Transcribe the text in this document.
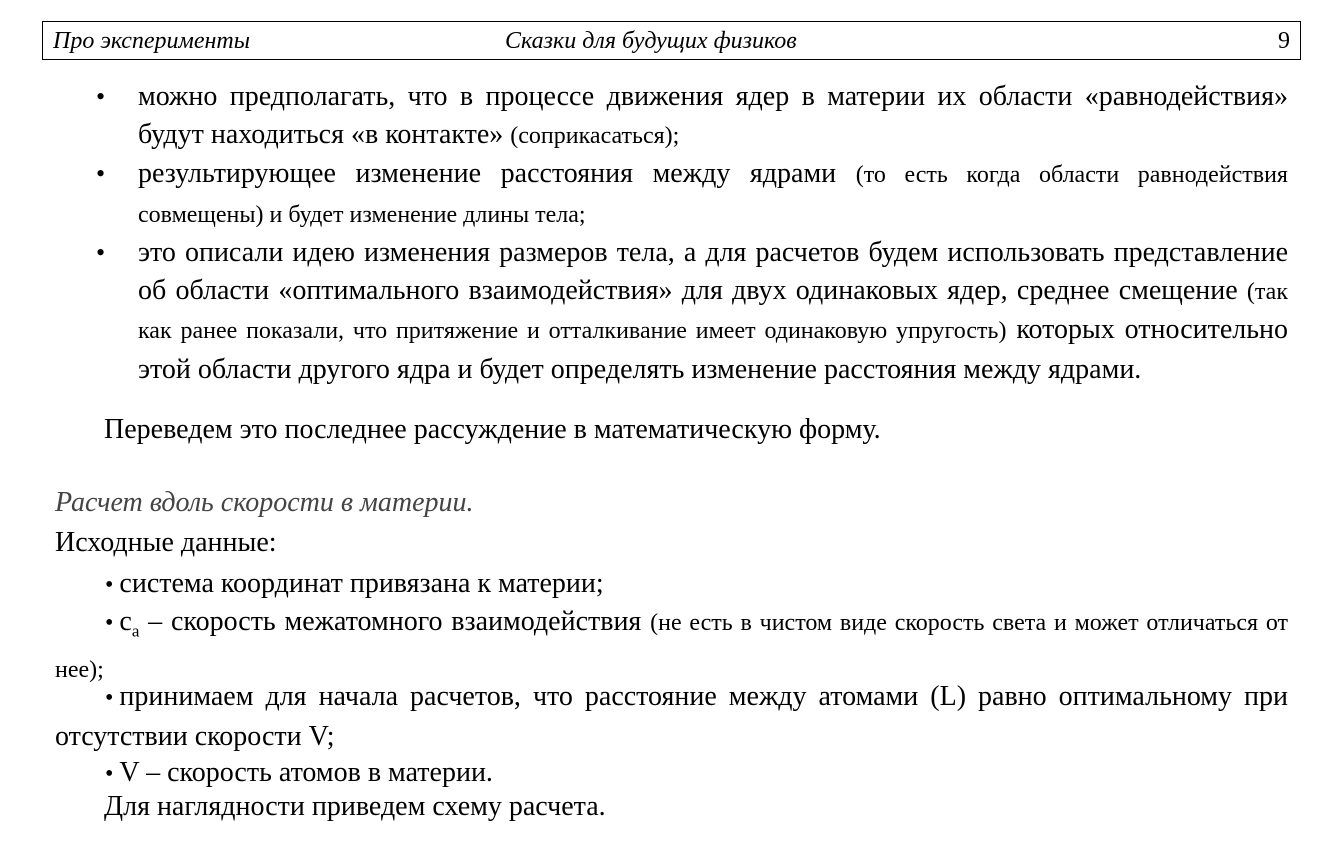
Про эксперименты	Сказки для будущих физиков	9
• можно предполагать, что в процессе движения ядер в материи их области «равнодействия» будут находиться «в контакте» (соприкасаться);
• результирующее изменение расстояния между ядрами (то есть когда области равнодействия совмещены) и будет изменение длины тела;
• это описали идею изменения размеров тела, а для расчетов будем использовать представление об области «оптимального взаимодействия» для двух одинаковых ядер, среднее смещение (так как ранее показали, что притяжение и отталкивание имеет одинаковую упругость) которых относительно этой области другого ядра и будет определять изменение расстояния между ядрами.
Переведем это последнее рассуждение в математическую форму.
Расчет вдоль скорости в материи.
Исходные данные:
• система координат привязана к материи;
• $c_a$ – скорость межатомного взаимодействия (не есть в чистом виде скорость света и может отличаться от нее);
• принимаем для начала расчетов, что расстояние между атомами (L) равно оптимальному при отсутствии скорости V;
• V – скорость атомов в материи.
Для наглядности приведем схему расчета.
